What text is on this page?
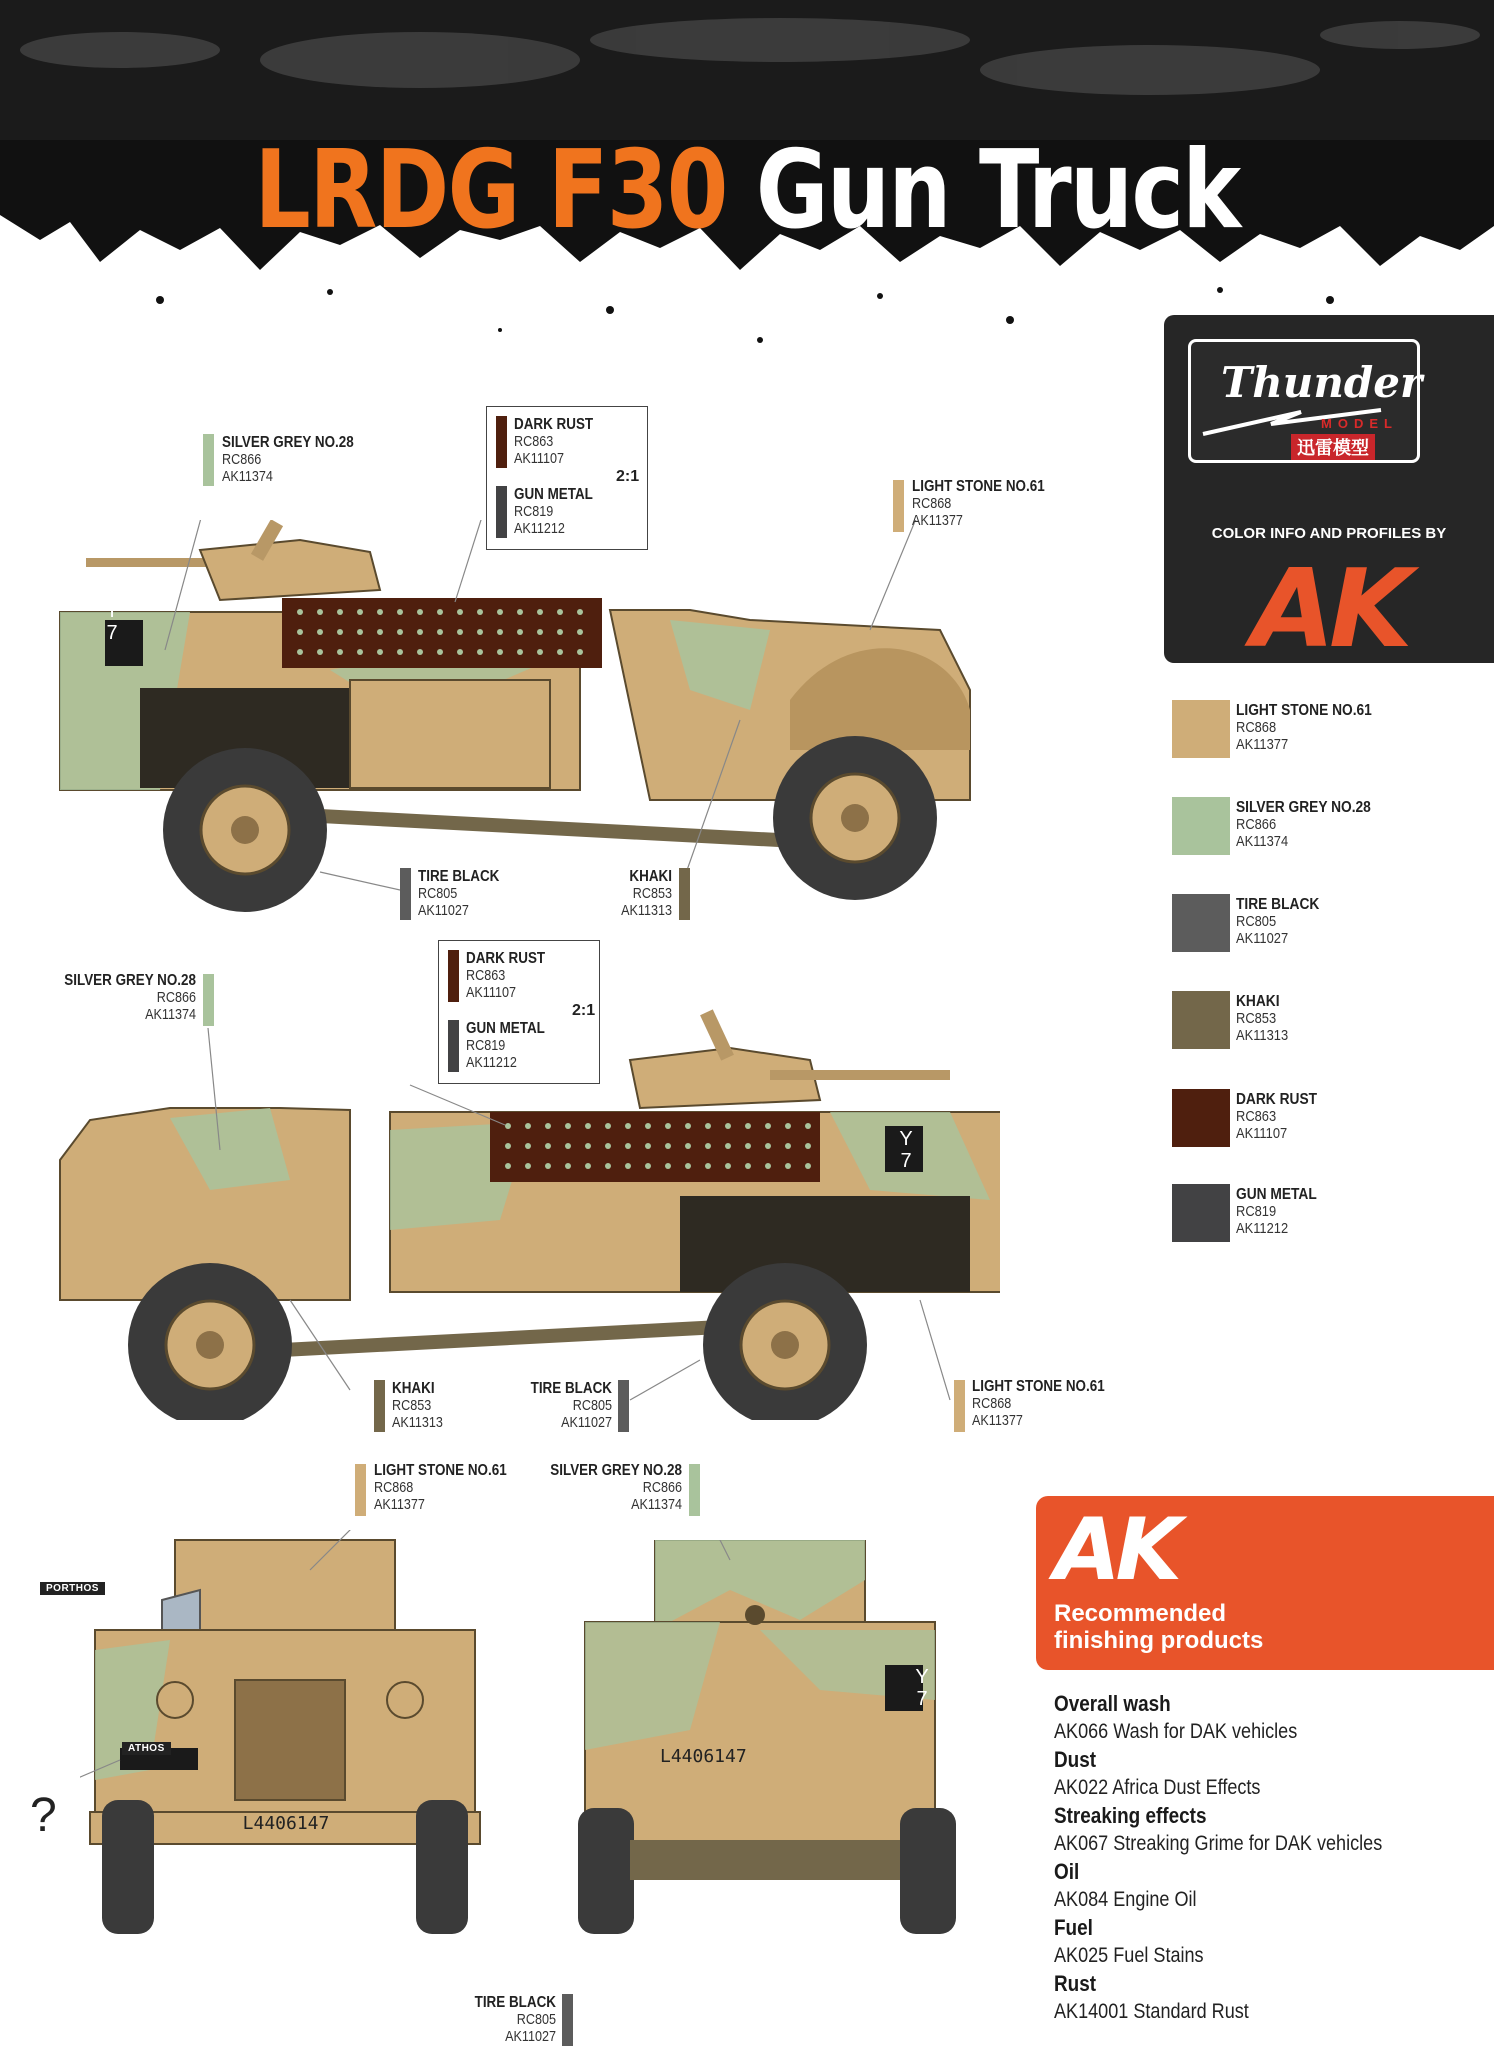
LRDG F30 Gun Truck
Thunder
MODEL
迅雷模型
COLOR INFO AND PROFILES BY
AK
LIGHT STONE NO.61
RC868
AK11377
SILVER GREY NO.28
RC866
AK11374
TIRE BLACK
RC805
AK11027
KHAKI
RC853
AK11313
DARK RUST
RC863
AK11107
GUN METAL
RC819
AK11212
Y
7
SILVER GREY NO.28
RC866
AK11374
DARK RUST
RC863
AK11107
GUN METAL
RC819
AK11212
2:1
LIGHT STONE NO.61
RC868
AK11377
TIRE BLACK
RC805
AK11027
KHAKI
RC853
AK11313
Y
7
SILVER GREY NO.28
RC866
AK11374
DARK RUST
RC863
AK11107
GUN METAL
RC819
AK11212
2:1
KHAKI
RC853
AK11313
TIRE BLACK
RC805
AK11027
LIGHT STONE NO.61
RC868
AK11377
L4406147
PORTHOS
ATHOS
?
Y
7
L4406147
LIGHT STONE NO.61
RC868
AK11377
SILVER GREY NO.28
RC866
AK11374
TIRE BLACK
RC805
AK11027
AK
Recommended
finishing products
Overall wash
AK066 Wash for DAK vehicles
Dust
AK022 Africa Dust Effects
Streaking effects
AK067 Streaking Grime for DAK vehicles
Oil
AK084 Engine Oil
Fuel
AK025 Fuel Stains
Rust
AK14001 Standard Rust
